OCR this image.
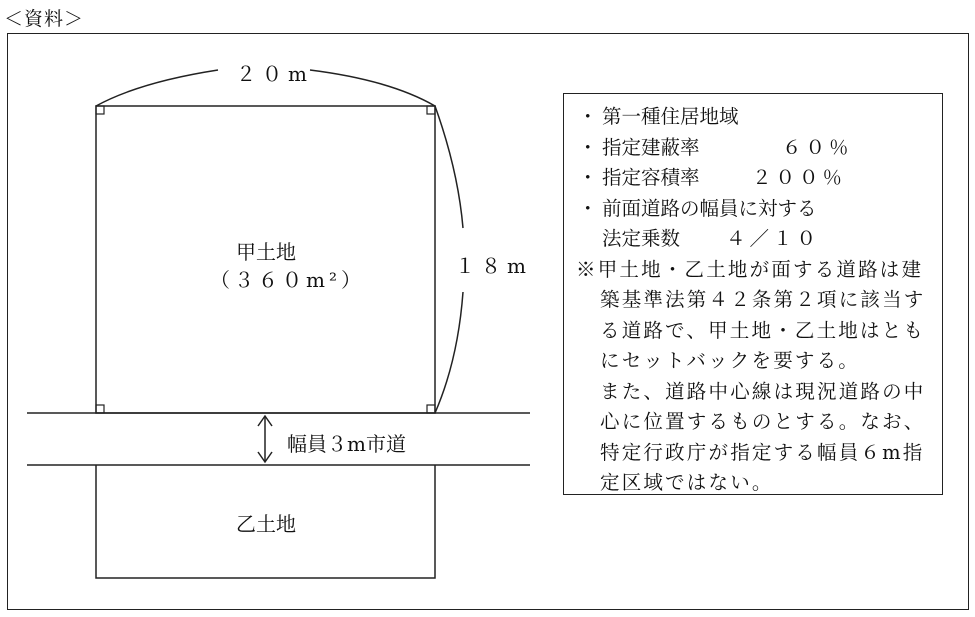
＜資料＞
２０m
１８m
甲土地
（３６０m²）
幅員３m市道
乙土地
・ 第一種住居地域
・ 指定建蔽率	６０％
・ 指定容積率	２００％
・ 前面道路の幅員に対する
法定乗数 ４／１０
※甲土地・乙土地が面する道路は建築基準法第４２条第２項に該当する道路で、甲土地・乙土地はともにセットバックを要する。
また、道路中心線は現況道路の中心に位置するものとする。なお、特定行政庁が指定する幅員６m指定区域ではない。
